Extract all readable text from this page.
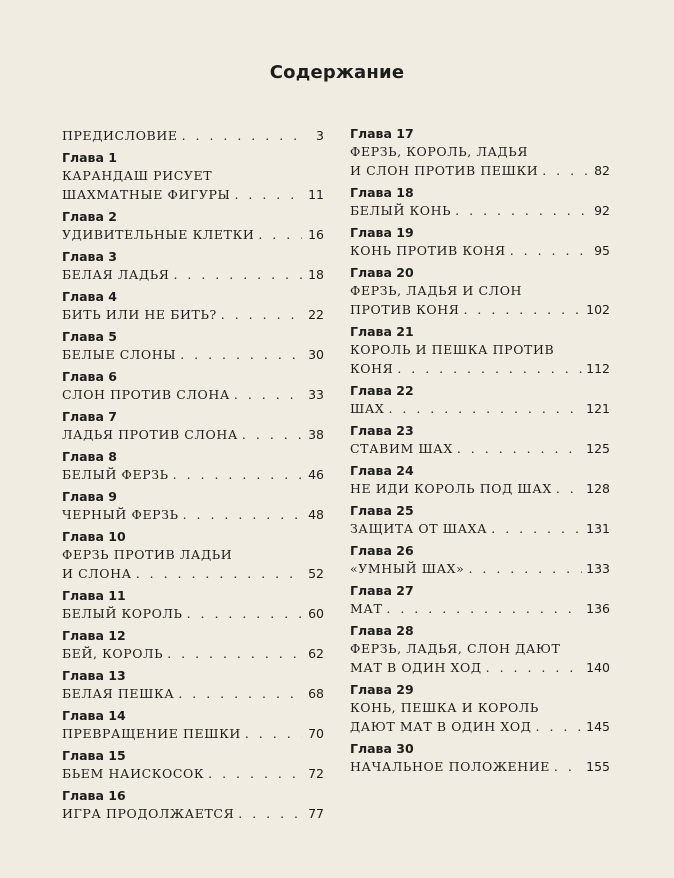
Содержание
ПРЕДИСЛОВИЕ . . .	3
Глава 1
КАРАНДАШ РИСУЕТ
ШАХМАТНЫЕ ФИГУРЫ . . .	11
Глава 2
УДИВИТЕЛЬНЫЕ КЛЕТКИ . . .	16
Глава 3
БЕЛАЯ ЛАДЬЯ . . .	18
Глава 4
БИТЬ ИЛИ НЕ БИТЬ? . . .	22
Глава 5
БЕЛЫЕ СЛОНЫ . . .	30
Глава 6
СЛОН ПРОТИВ СЛОНА . . .	33
Глава 7
ЛАДЬЯ ПРОТИВ СЛОНА . . .	38
Глава 8
БЕЛЫЙ ФЕРЗЬ . . .	46
Глава 9
ЧЕРНЫЙ ФЕРЗЬ . . .	48
Глава 10
ФЕРЗЬ ПРОТИВ ЛАДЬИ
И СЛОНА . . .	52
Глава 11
БЕЛЫЙ КОРОЛЬ . . .	60
Глава 12
БЕЙ, КОРОЛЬ . . .	62
Глава 13
БЕЛАЯ ПЕШКА . . .	68
Глава 14
ПРЕВРАЩЕНИЕ ПЕШКИ . . .	70
Глава 15
БЬЕМ НАИСКОСОК . . .	72
Глава 16
ИГРА ПРОДОЛЖАЕТСЯ . . .	77
Глава 17
ФЕРЗЬ, КОРОЛЬ, ЛАДЬЯ
И СЛОН ПРОТИВ ПЕШКИ . . .	82
Глава 18
БЕЛЫЙ КОНЬ . . .	92
Глава 19
КОНЬ ПРОТИВ КОНЯ . . .	95
Глава 20
ФЕРЗЬ, ЛАДЬЯ И СЛОН
ПРОТИВ КОНЯ . . .	102
Глава 21
КОРОЛЬ И ПЕШКА ПРОТИВ
КОНЯ . . .	112
Глава 22
ШАХ . . .	121
Глава 23
СТАВИМ ШАХ . . .	125
Глава 24
НЕ ИДИ КОРОЛЬ ПОД ШАХ . . .	128
Глава 25
ЗАЩИТА ОТ ШАХА . . .	131
Глава 26
«УМНЫЙ ШАХ» . . .	133
Глава 27
МАТ . . .	136
Глава 28
ФЕРЗЬ, ЛАДЬЯ, СЛОН ДАЮТ
МАТ В ОДИН ХОД . . .	140
Глава 29
КОНЬ, ПЕШКА И КОРОЛЬ
ДАЮТ МАТ В ОДИН ХОД . . .	145
Глава 30
НАЧАЛЬНОЕ ПОЛОЖЕНИЕ . . .	155
